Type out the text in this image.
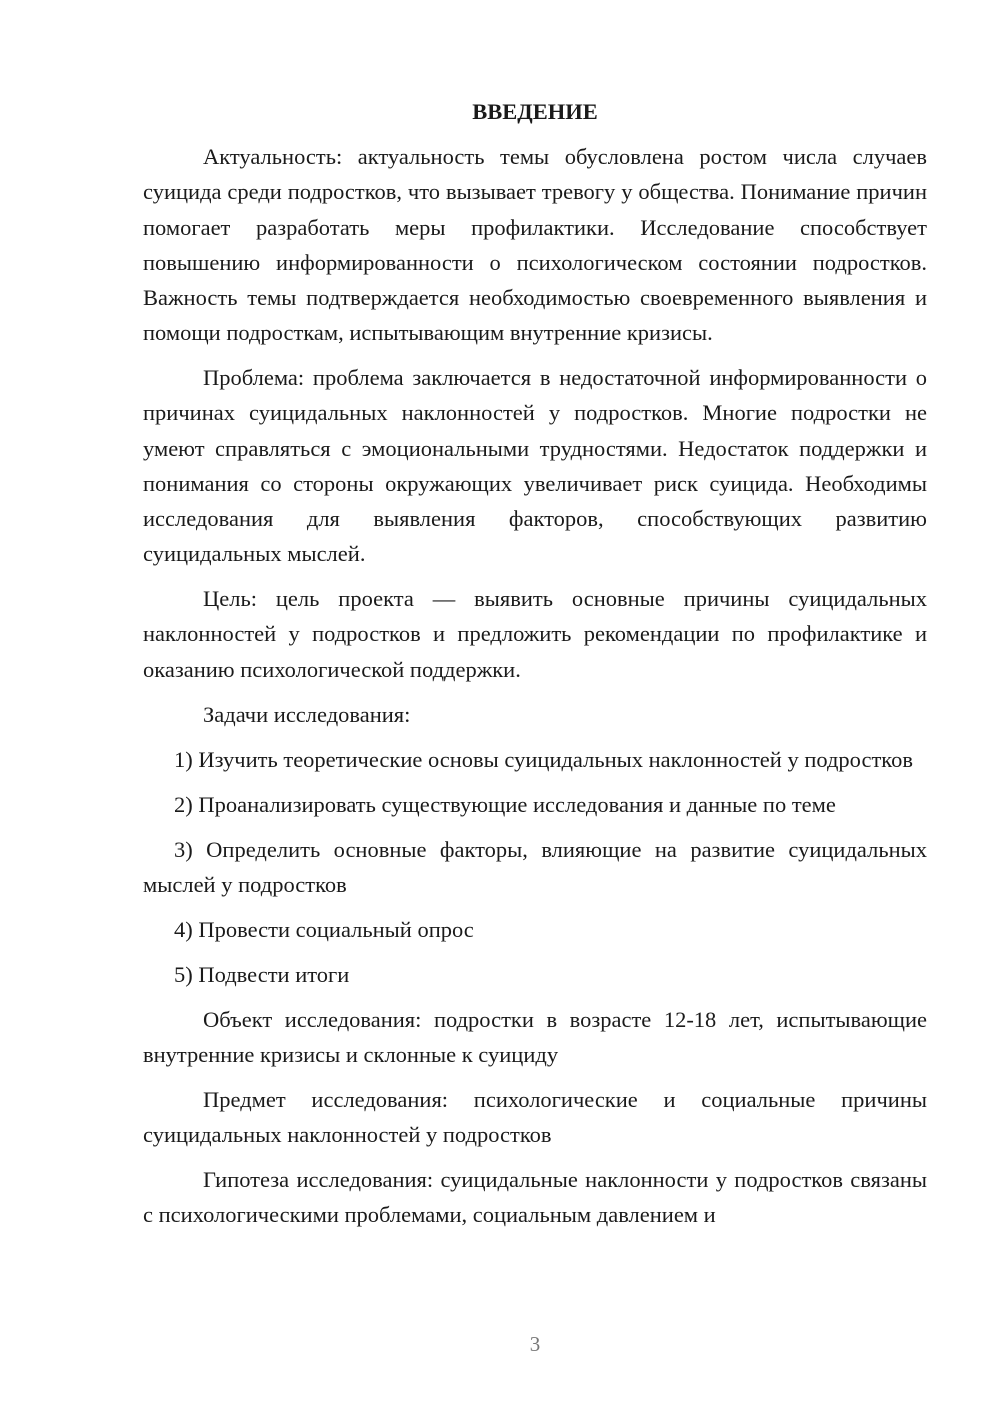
ВВЕДЕНИЕ

Актуальность: актуальность темы обусловлена ростом числа случаев суицида среди подростков, что вызывает тревогу у общества. Понимание причин помогает разработать меры профилактики. Исследование способствует повышению информированности о психологическом состоянии подростков. Важность темы подтверждается необходимостью своевременного выявления и помощи подросткам, испытывающим внутренние кризисы.

Проблема: проблема заключается в недостаточной информированности о причинах суицидальных наклонностей у подростков. Многие подростки не умеют справляться с эмоциональными трудностями. Недостаток поддержки и понимания со стороны окружающих увеличивает риск суицида. Необходимы исследования для выявления факторов, способствующих развитию суицидальных мыслей.

Цель: цель проекта — выявить основные причины суицидальных наклонностей у подростков и предложить рекомендации по профилактике и оказанию психологической поддержки.

Задачи исследования:

1) Изучить теоретические основы суицидальных наклонностей у подростков

2) Проанализировать существующие исследования и данные по теме

3) Определить основные факторы, влияющие на развитие суицидальных мыслей у подростков

4) Провести социальный опрос

5) Подвести итоги

Объект исследования: подростки в возрасте 12-18 лет, испытывающие внутренние кризисы и склонные к суициду

Предмет исследования: психологические и социальные причины суицидальных наклонностей у подростков

Гипотеза исследования: суицидальные наклонности у подростков связаны с психологическими проблемами, социальным давлением и

3
